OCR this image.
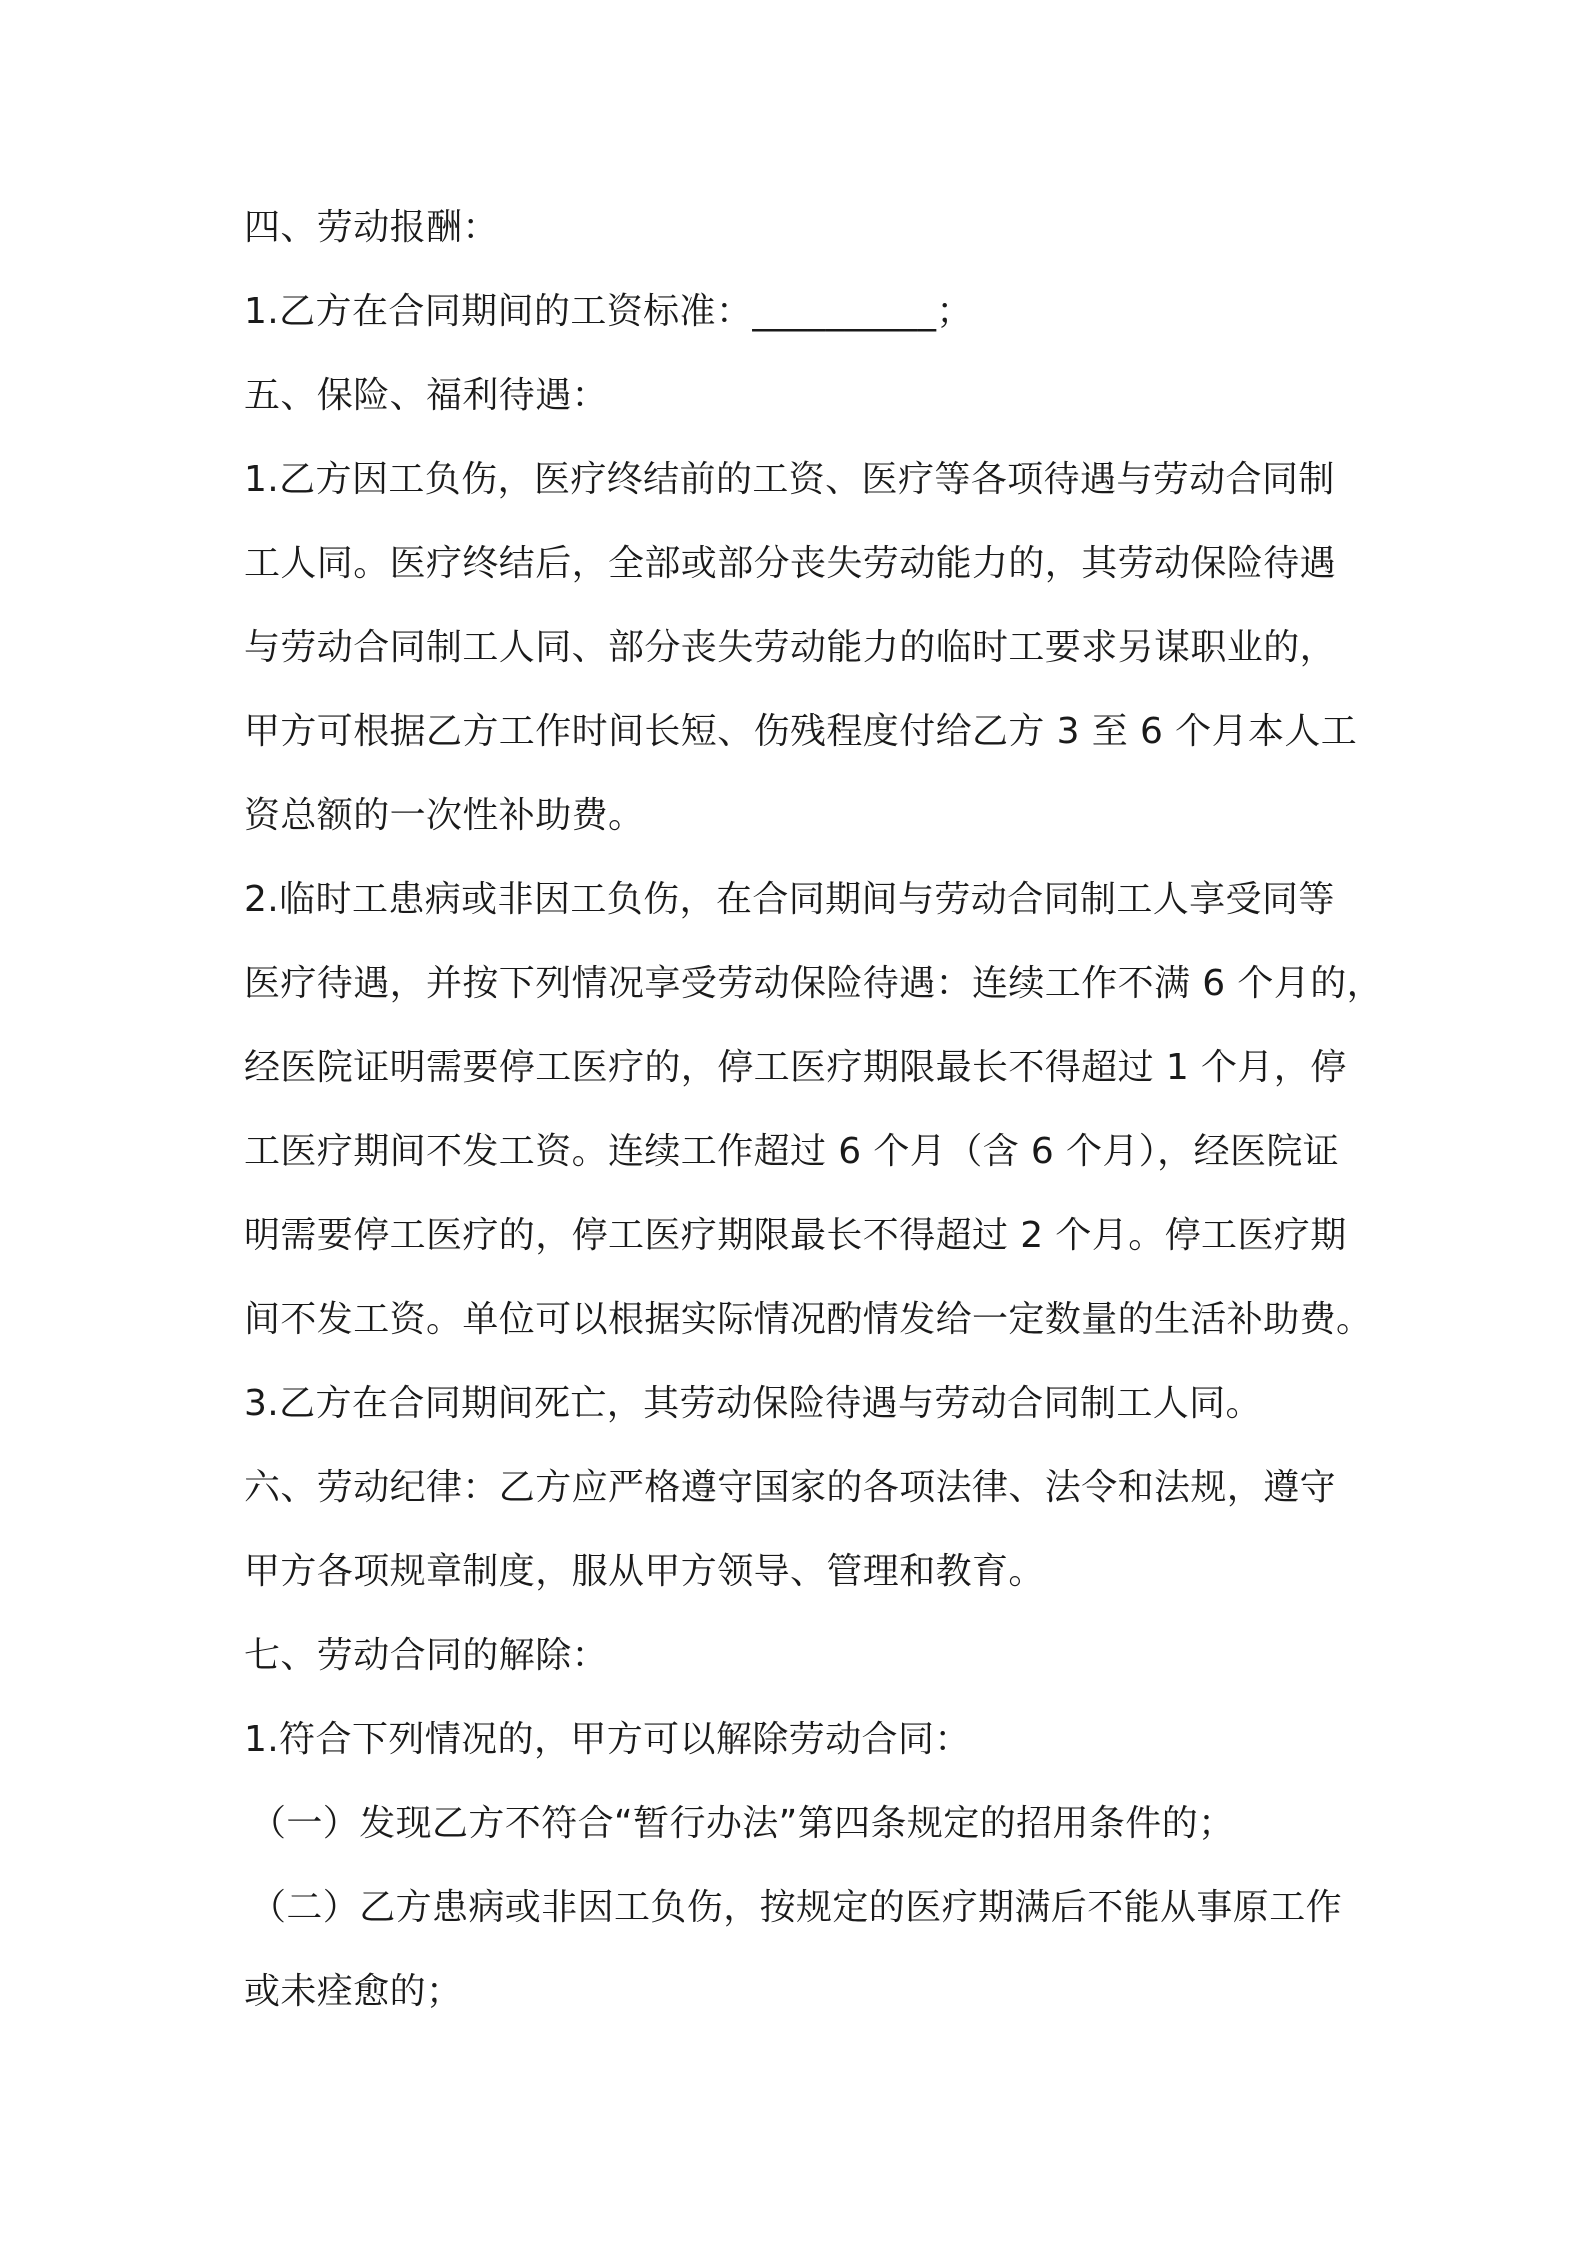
四、劳动报酬：
1.乙方在合同期间的工资标准：__________；
五、保险、福利待遇：
1.乙方因工负伤，医疗终结前的工资、医疗等各项待遇与劳动合同制
工人同。医疗终结后，全部或部分丧失劳动能力的，其劳动保险待遇
与劳动合同制工人同、部分丧失劳动能力的临时工要求另谋职业的，
甲方可根据乙方工作时间长短、伤残程度付给乙方 3 至 6 个月本人工
资总额的一次性补助费。
2.临时工患病或非因工负伤，在合同期间与劳动合同制工人享受同等
医疗待遇，并按下列情况享受劳动保险待遇：连续工作不满 6 个月的，
经医院证明需要停工医疗的，停工医疗期限最长不得超过 1 个月，停
工医疗期间不发工资。连续工作超过 6 个月（含 6 个月），经医院证
明需要停工医疗的，停工医疗期限最长不得超过 2 个月。停工医疗期
间不发工资。单位可以根据实际情况酌情发给一定数量的生活补助费。
3.乙方在合同期间死亡，其劳动保险待遇与劳动合同制工人同。
六、劳动纪律：乙方应严格遵守国家的各项法律、法令和法规，遵守
甲方各项规章制度，服从甲方领导、管理和教育。
七、劳动合同的解除：
1.符合下列情况的，甲方可以解除劳动合同：
（一）发现乙方不符合“暂行办法”第四条规定的招用条件的；
（二）乙方患病或非因工负伤，按规定的医疗期满后不能从事原工作
或未痊愈的；
